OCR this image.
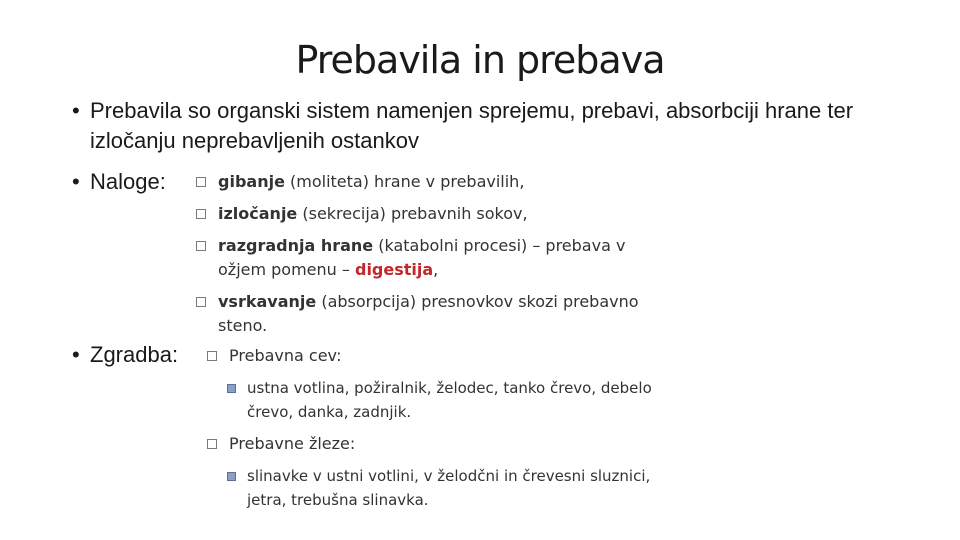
Prebavila in prebava
• Prebavila so organski sistem namenjen sprejemu, prebavi, absorbciji hrane ter izločanju neprebavljenih ostankov
• Naloge:	gibanje (moliteta) hrane v prebavilih,
izločanje (sekrecija) prebavnih sokov,
razgradnja hrane (katabolni procesi) – prebava v ožjem pomenu – digestija,
vsrkavanje (absorpcija) presnovkov skozi prebavno steno.
• Zgradba:	Prebavna cev:
ustna votlina, požiralnik, želodec, tanko črevo, debelo črevo, danka, zadnjik.
Prebavne žleze:
slinavke v ustni votlini, v želodčni in črevesni sluznici, jetra, trebušna slinavka.
